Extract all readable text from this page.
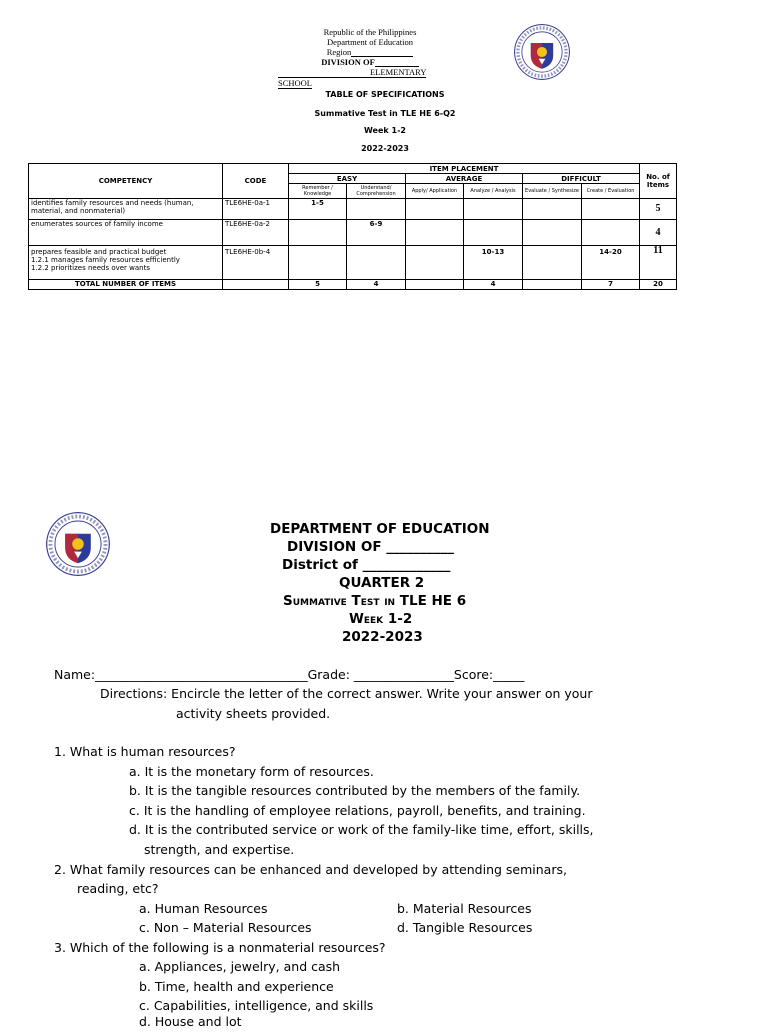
Republic of the Philippines
Department of Education
Region
DIVISION OF
ELEMENTARY SCHOOL
TABLE OF SPECIFICATIONS
Summative Test in TLE HE 6-Q2
Week 1-2
2022-2023
COMPETENCY	CODE	ITEM PLACEMENT						No. of Items
		EASY		AVERAGE		DIFFICULT		
		Remember / Knowledge	Understand/ Comprehension	Apply/ Application	Analyze / Analysis	Evaluate / Synthesize	Create / Evaluation	
identifies family resources and needs (human, material, and nonmaterial)	TLE6HE-0a-1	1-5						5
enumerates sources of family income	TLE6HE-0a-2		6-9					4
prepares feasible and practical budget
1.2.1 manages family resources efficiently
1.2.2 prioritizes needs over wants	TLE6HE-0b-4				10-13		14-20	11
TOTAL NUMBER OF ITEMS		5	4		4		7	20
DEPARTMENT OF EDUCATION
DIVISION OF __________
District of _____________
QUARTER 2
Summative Test in TLE HE 6
Week 1-2
2022-2023
Name:__________________________________Grade: ________________Score:_____
Directions: Encircle the letter of the correct answer. Write your answer on your
activity sheets provided.
1. What is human resources?
a. It is the monetary form of resources.
b. It is the tangible resources contributed by the members of the family.
c. It is the handling of employee relations, payroll, benefits, and training.
d. It is the contributed service or work of the family-like time, effort, skills,
strength, and expertise.
2. What family resources can be enhanced and developed by attending seminars,
reading, etc?
a. Human Resources	b. Material Resources
c. Non – Material Resources	d. Tangible Resources
3. Which of the following is a nonmaterial resources?
a. Appliances, jewelry, and cash
b. Time, health and experience
c. Capabilities, intelligence, and skills
d. House and lot
